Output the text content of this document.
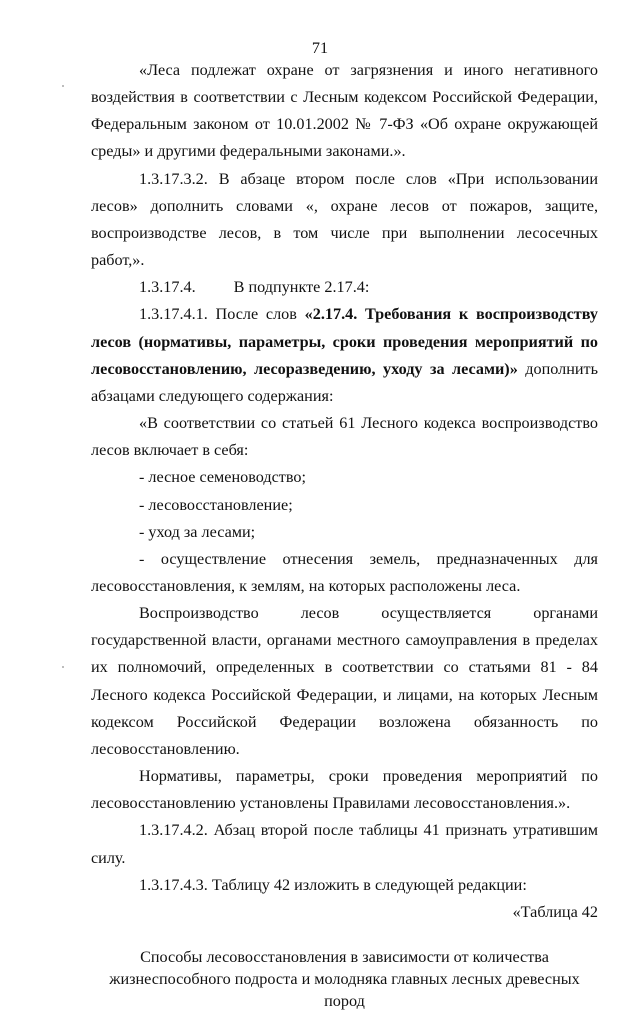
71

«Леса подлежат охране от загрязнения и иного негативного воздействия в соответствии с Лесным кодексом Российской Федерации, Федеральным законом от 10.01.2002 № 7-ФЗ «Об охране окружающей среды» и другими федеральными законами.».

1.3.17.3.2. В абзаце втором после слов «При использовании лесов» дополнить словами «, охране лесов от пожаров, защите, воспроизводстве лесов, в том числе при выполнении лесосечных работ,».

1.3.17.4. В подпункте 2.17.4:

1.3.17.4.1. После слов «2.17.4. Требования к воспроизводству лесов (нормативы, параметры, сроки проведения мероприятий по лесовосстановлению, лесоразведению, уходу за лесами)» дополнить абзацами следующего содержания:

«В соответствии со статьей 61 Лесного кодекса воспроизводство лесов включает в себя:

- лесное семеноводство;

- лесовосстановление;

- уход за лесами;

- осуществление отнесения земель, предназначенных для лесовосстановления, к землям, на которых расположены леса.

Воспроизводство лесов осуществляется органами государственной власти, органами местного самоуправления в пределах их полномочий, определенных в соответствии со статьями 81 - 84 Лесного кодекса Российской Федерации, и лицами, на которых Лесным кодексом Российской Федерации возложена обязанность по лесовосстановлению.

Нормативы, параметры, сроки проведения мероприятий по лесовосстановлению установлены Правилами лесовосстановления.».

1.3.17.4.2. Абзац второй после таблицы 41 признать утратившим силу.

1.3.17.4.3. Таблицу 42 изложить в следующей редакции:

«Таблица 42

Способы лесовосстановления в зависимости от количества
жизнеспособного подроста и молодняка главных лесных древесных пород
